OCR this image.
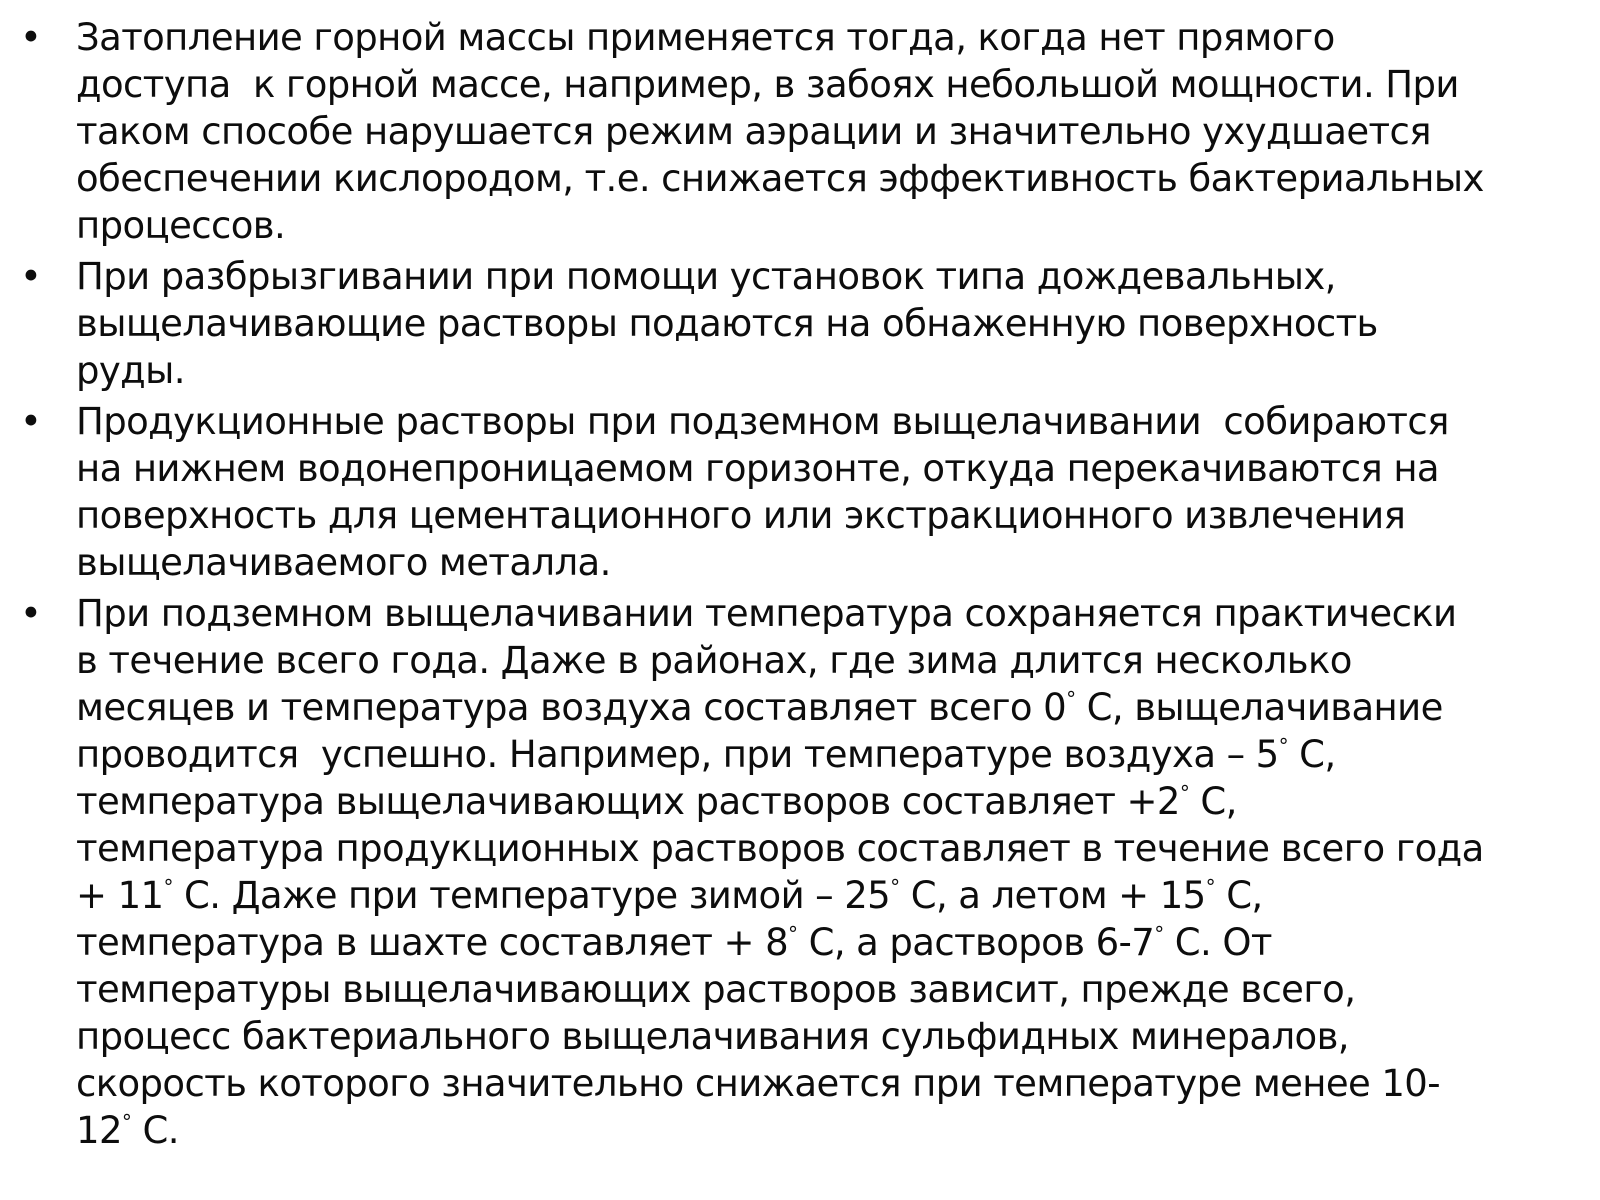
• Затопление горной массы применяется тогда, когда нет прямого
доступа  к горной массе, например, в забоях небольшой мощности. При
таком способе нарушается режим аэрации и значительно ухудшается
обеспечении кислородом, т.е. снижается эффективность бактериальных
процессов.
• При разбрызгивании при помощи установок типа дождевальных,
выщелачивающие растворы подаются на обнаженную поверхность
руды.
• Продукционные растворы при подземном выщелачивании  собираются
на нижнем водонепроницаемом горизонте, откуда перекачиваются на
поверхность для цементационного или экстракционного извлечения
выщелачиваемого металла.
• При подземном выщелачивании температура сохраняется практически
в течение всего года. Даже в районах, где зима длится несколько
месяцев и температура воздуха составляет всего 0° С, выщелачивание
проводится  успешно. Например, при температуре воздуха – 5° С,
температура выщелачивающих растворов составляет +2° С,
температура продукционных растворов составляет в течение всего года
+ 11° С. Даже при температуре зимой – 25° С, а летом + 15° С,
температура в шахте составляет + 8° С, а растворов 6-7° С. От
температуры выщелачивающих растворов зависит, прежде всего,
процесс бактериального выщелачивания сульфидных минералов,
скорость которого значительно снижается при температуре менее 10-
12° С.
